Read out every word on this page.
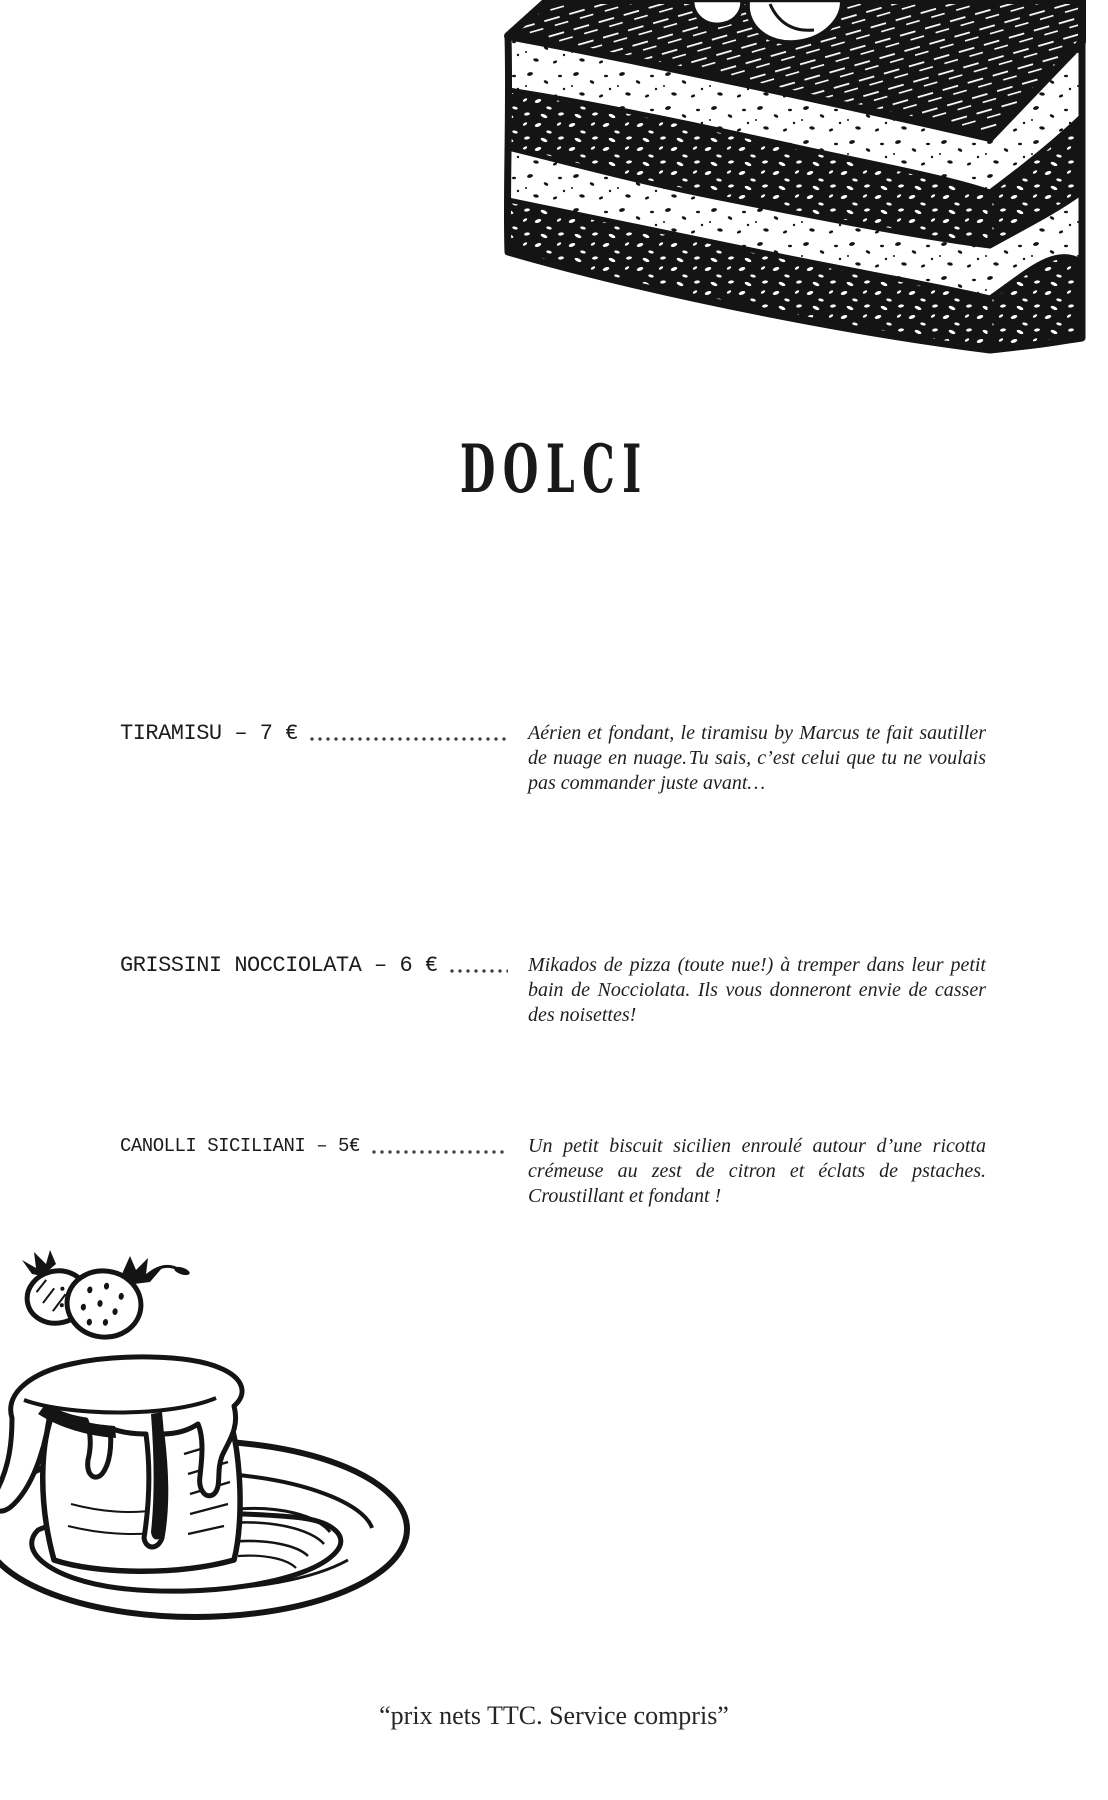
DOLCI
TIRAMISU – 7 €	Aérien et fondant, le tiramisu by Marcus te fait sautiller de nuage en nuage. Tu sais, c’est celui que tu ne voulais pas commander juste avant…

GRISSINI NOCCIOLATA – 6 €	Mikados de pizza (toute nue!) à tremper dans leur petit bain de Nocciolata. Ils vous donneront envie de casser des noisettes!

CANOLLI SICILIANI – 5€	Un petit biscuit sicilien enroulé autour d’une ricotta crémeuse au zest de citron et éclats de pstaches. Croustillant et fondant !

“prix nets TTC. Service compris”
